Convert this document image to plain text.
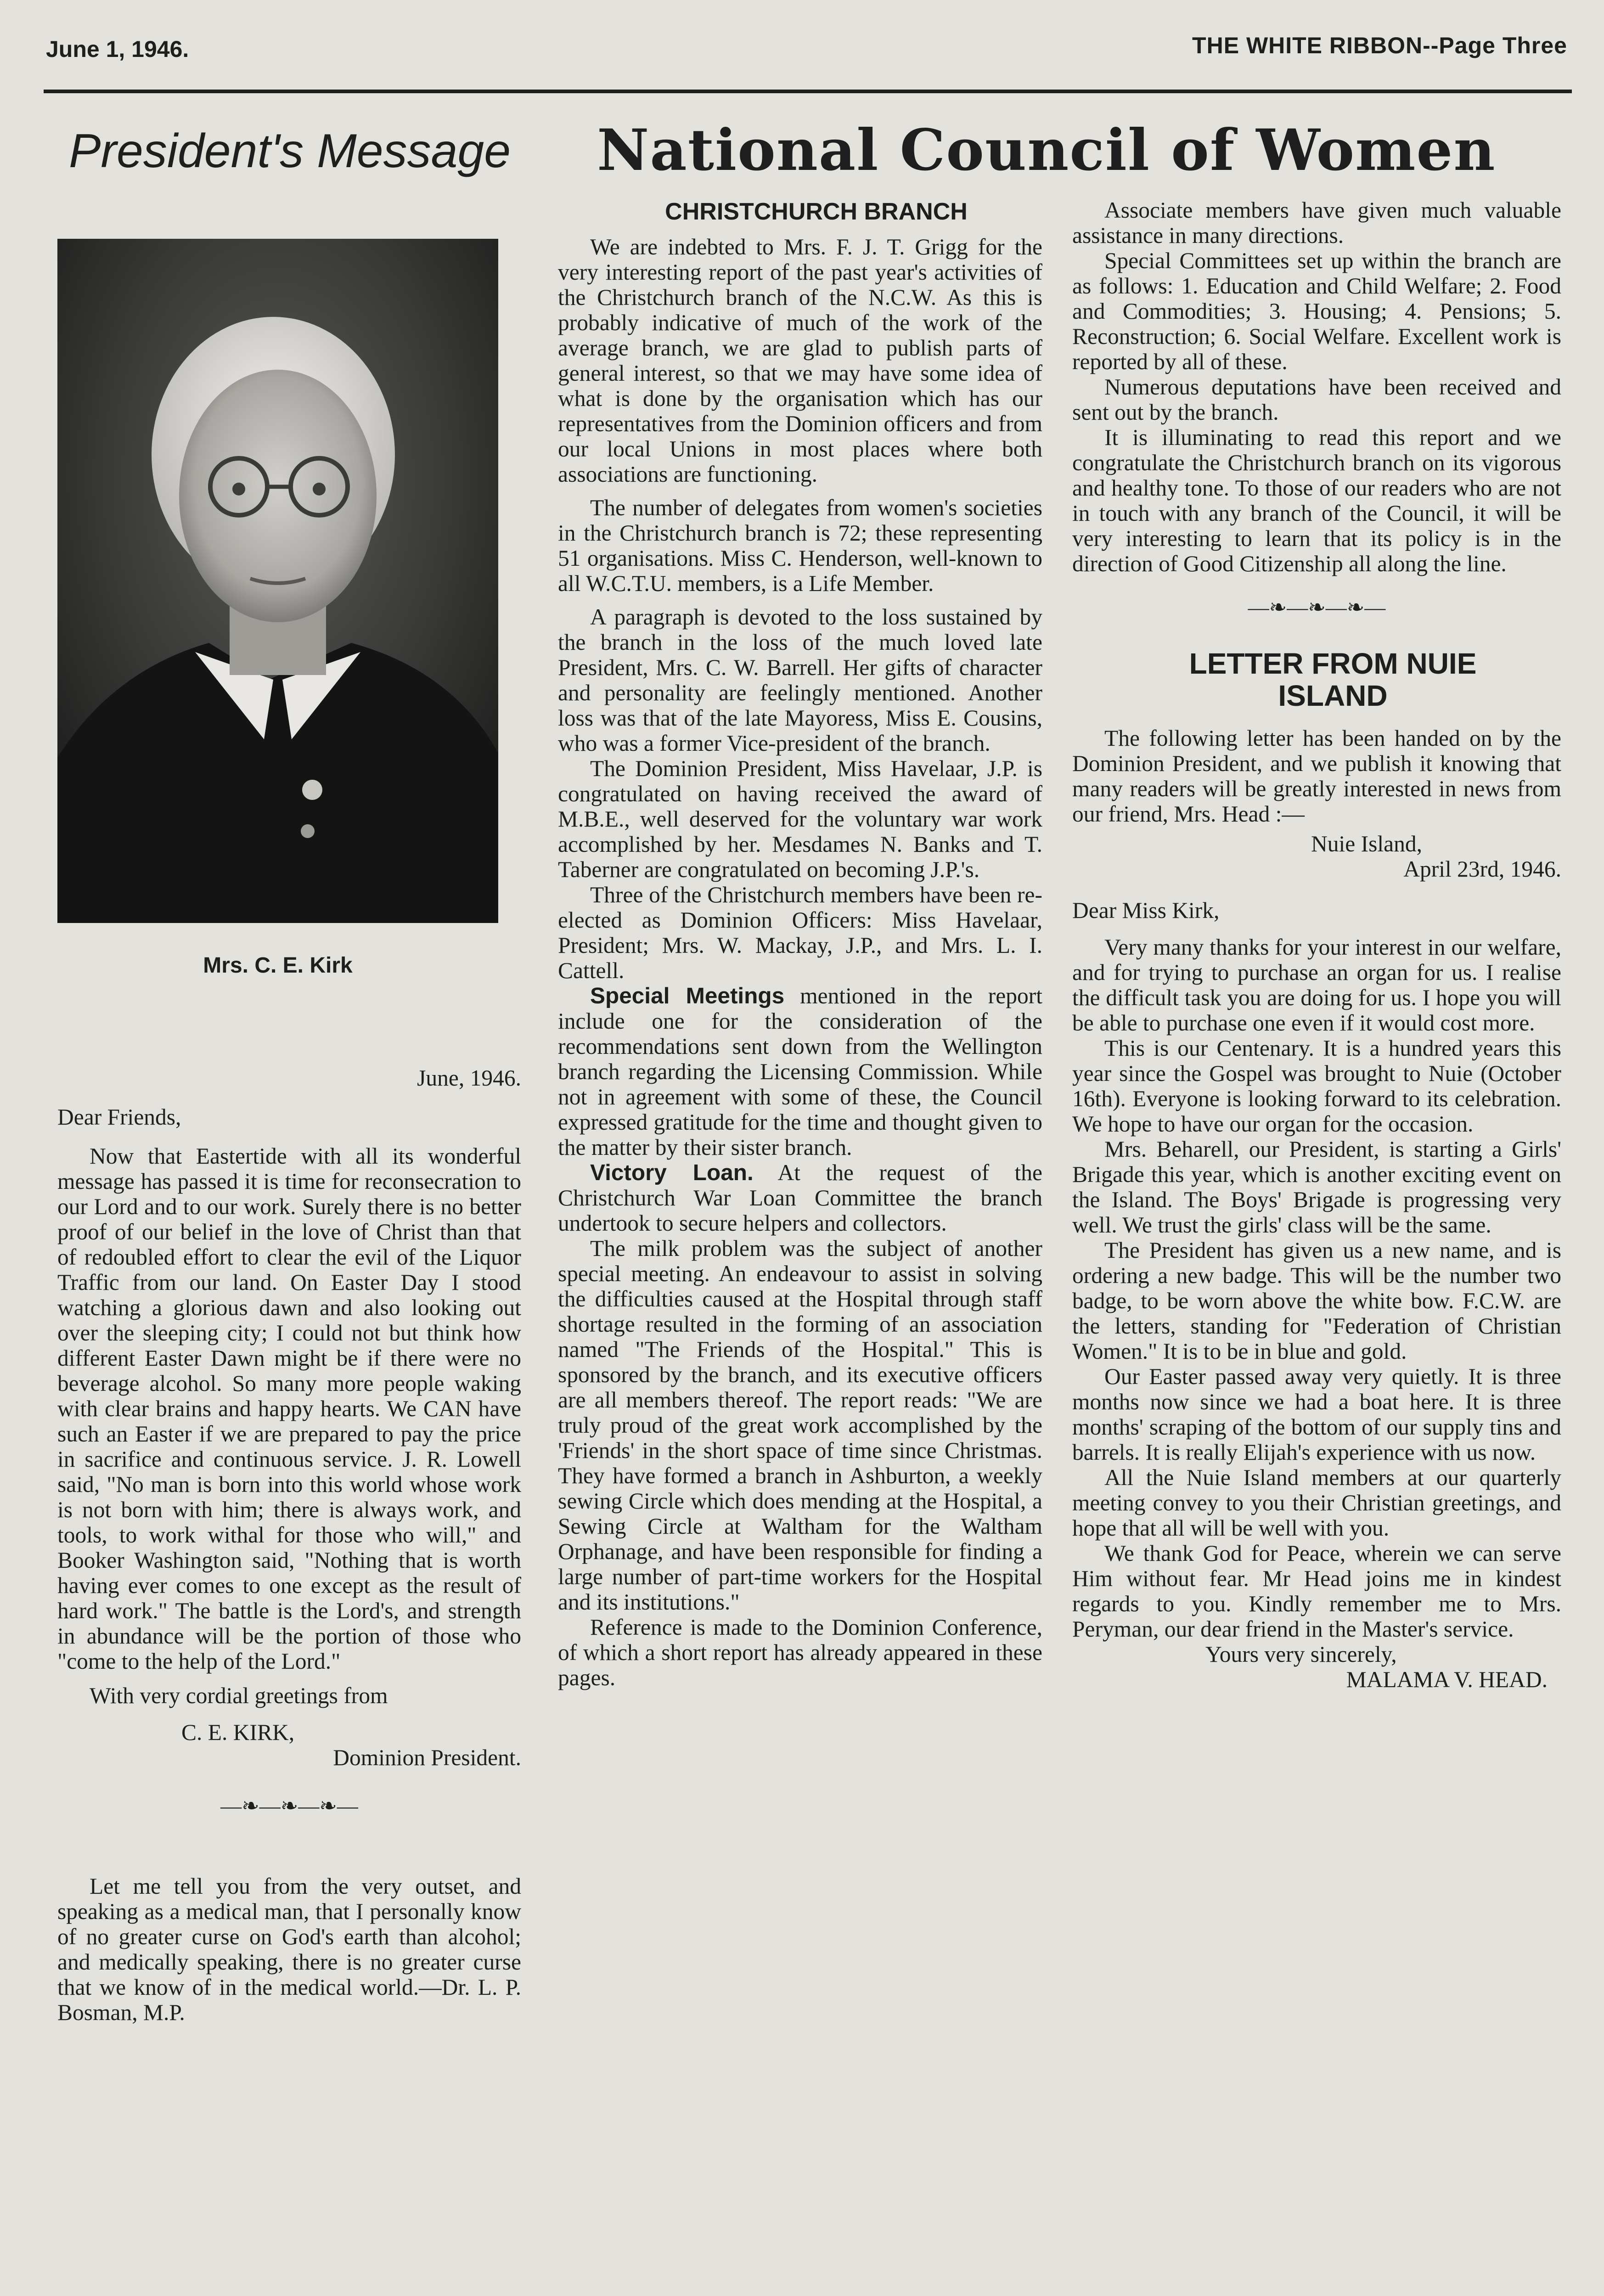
June 1, 1946.	THE WHITE RIBBON--Page Three
President's Message National Council of Women
Mrs. C. E. Kirk

June, 1946.

Dear Friends,

Now that Eastertide with all its wonderful message has passed it is time for reconsecration to our Lord and to our work. Surely there is no better proof of our belief in the love of Christ than that of redoubled effort to clear the evil of the Liquor Traffic from our land. On Easter Day I stood watching a glorious dawn and also looking out over the sleeping city; I could not but think how different Easter Dawn might be if there were no beverage alcohol. So many more people waking with clear brains and happy hearts. We CAN have such an Easter if we are prepared to pay the price in sacrifice and continuous service. J. R. Lowell said, "No man is born into this world whose work is not born with him; there is always work, and tools, to work withal for those who will," and Booker Washington said, "Nothing that is worth having ever comes to one except as the result of hard work." The battle is the Lord's, and strength in abundance will be the portion of those who "come to the help of the Lord."

With very cordial greetings from

C. E. KIRK,

Dominion President.

—❧—❧—❧—

Let me tell you from the very outset, and speaking as a medical man, that I personally know of no greater curse on God's earth than alcohol; and medically speaking, there is no greater curse that we know of in the medical world.—Dr. L. P. Bosman, M.P.

CHRISTCHURCH BRANCH

We are indebted to Mrs. F. J. T. Grigg for the very interesting report of the past year's activities of the Christchurch branch of the N.C.W. As this is probably indicative of much of the work of the average branch, we are glad to publish parts of general interest, so that we may have some idea of what is done by the organisation which has our representatives from the Dominion officers and from our local Unions in most places where both associations are functioning.

The number of delegates from women's societies in the Christchurch branch is 72; these representing 51 organisations. Miss C. Henderson, well-known to all W.C.T.U. members, is a Life Member.

A paragraph is devoted to the loss sustained by the branch in the loss of the much loved late President, Mrs. C. W. Barrell. Her gifts of character and personality are feelingly mentioned. Another loss was that of the late Mayoress, Miss E. Cousins, who was a former Vice-president of the branch.

The Dominion President, Miss Havelaar, J.P. is congratulated on having received the award of M.B.E., well deserved for the voluntary war work accomplished by her. Mesdames N. Banks and T. Taberner are congratulated on becoming J.P.'s.

Three of the Christchurch members have been re-elected as Dominion Officers: Miss Havelaar, President; Mrs. W. Mackay, J.P., and Mrs. L. I. Cattell.

Special Meetings mentioned in the report include one for the consideration of the recommendations sent down from the Wellington branch regarding the Licensing Commission. While not in agreement with some of these, the Council expressed gratitude for the time and thought given to the matter by their sister branch.

Victory Loan. At the request of the Christchurch War Loan Committee the branch undertook to secure helpers and collectors.

The milk problem was the subject of another special meeting. An endeavour to assist in solving the difficulties caused at the Hospital through staff shortage resulted in the forming of an association named "The Friends of the Hospital." This is sponsored by the branch, and its executive officers are all members thereof. The report reads: "We are truly proud of the great work accomplished by the 'Friends' in the short space of time since Christmas. They have formed a branch in Ashburton, a weekly sewing Circle which does mending at the Hospital, a Sewing Circle at Waltham for the Waltham Orphanage, and have been responsible for finding a large number of part-time workers for the Hospital and its institutions."

Reference is made to the Dominion Conference, of which a short report has already appeared in these pages.

Associate members have given much valuable assistance in many directions.

Special Committees set up within the branch are as follows: 1. Education and Child Welfare; 2. Food and Commodities; 3. Housing; 4. Pensions; 5. Reconstruction; 6. Social Welfare. Excellent work is reported by all of these.

Numerous deputations have been received and sent out by the branch.

It is illuminating to read this report and we congratulate the Christchurch branch on its vigorous and healthy tone. To those of our readers who are not in touch with any branch of the Council, it will be very interesting to learn that its policy is in the direction of Good Citizenship all along the line.

—❧—❧—❧—

LETTER FROM NUIE

ISLAND

The following letter has been handed on by the Dominion President, and we publish it knowing that many readers will be greatly interested in news from our friend, Mrs. Head :—

Nuie Island,

April 23rd, 1946.

Dear Miss Kirk,

Very many thanks for your interest in our welfare, and for trying to purchase an organ for us. I realise the difficult task you are doing for us. I hope you will be able to purchase one even if it would cost more.

This is our Centenary. It is a hundred years this year since the Gospel was brought to Nuie (October 16th). Everyone is looking forward to its celebration. We hope to have our organ for the occasion.

Mrs. Beharell, our President, is starting a Girls' Brigade this year, which is another exciting event on the Island. The Boys' Brigade is progressing very well. We trust the girls' class will be the same.

The President has given us a new name, and is ordering a new badge. This will be the number two badge, to be worn above the white bow. F.C.W. are the letters, standing for "Federation of Christian Women." It is to be in blue and gold.

Our Easter passed away very quietly. It is three months now since we had a boat here. It is three months' scraping of the bottom of our supply tins and barrels. It is really Elijah's experience with us now.

All the Nuie Island members at our quarterly meeting convey to you their Christian greetings, and hope that all will be well with you.

We thank God for Peace, wherein we can serve Him without fear. Mr Head joins me in kindest regards to you. Kindly remember me to Mrs. Peryman, our dear friend in the Master's service.

Yours very sincerely,

MALAMA V. HEAD.
